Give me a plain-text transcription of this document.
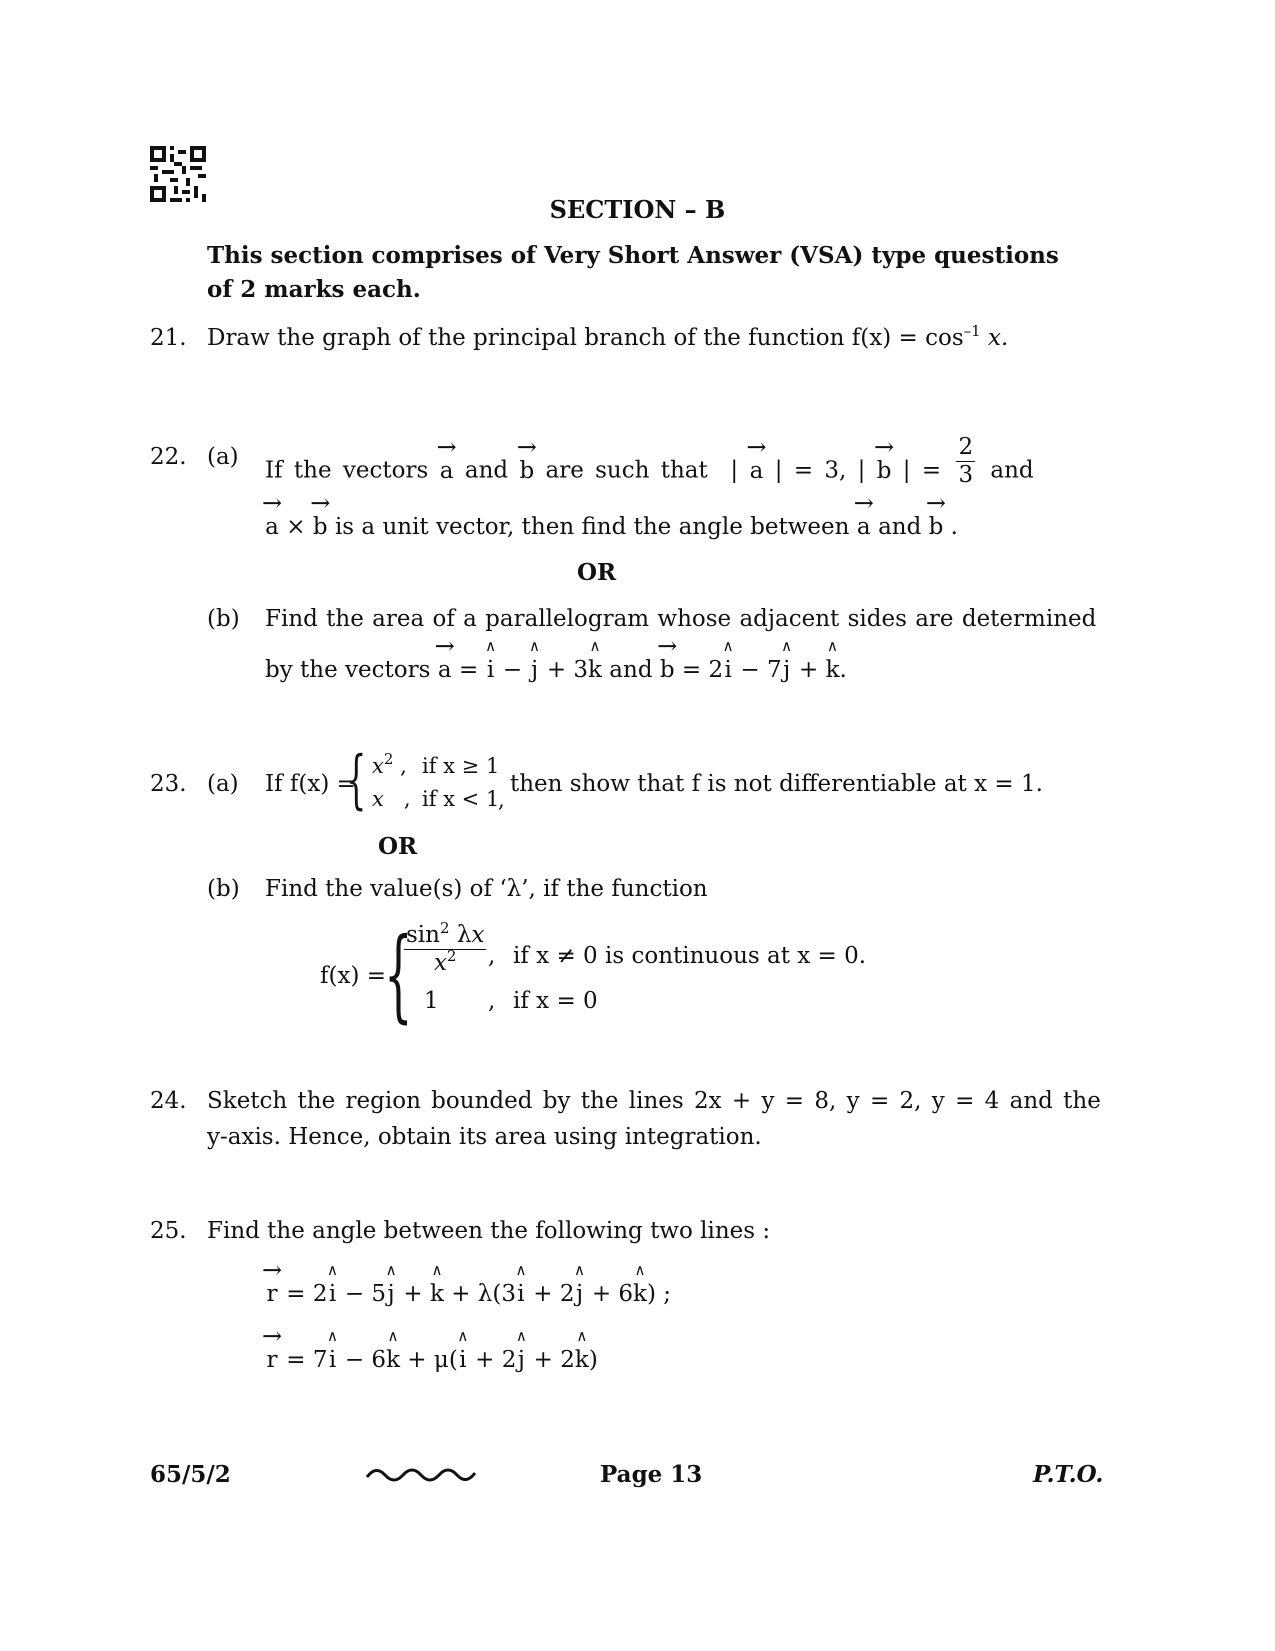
SECTION – B
This section comprises of Very Short Answer (VSA) type questions
of 2 marks each.
21. Draw the graph of the principal branch of the function $f(x) = \cos^{-1} x$.
22. (a)
If the vectors → a and → b are such that  | → a | = 3, | → b | = $\frac{2}{3}$ and
→ a × → b is a unit vector, then find the angle between → a and → b .
OR
(b) Find the area of a parallelogram whose adjacent sides are determined
by the vectors → a = ∧ i − ∧ j + 3∧ k and → b = 2∧ i − 7∧ j + ∧ k.
23. (a) If f(x) =
{ $x^2$ , if x ≥ 1
x   , if x < 1
,
then show that f is not differentiable at x = 1.
OR
(b) Find the value(s) of ‘λ’, if the function
f(x) =
{
$\frac{\sin^2 \lambda x}{x^2}$ , if x ≠ 0 is continuous at x = 0.
1 , if x = 0
24. Sketch the region bounded by the lines 2x + y = 8, y = 2, y = 4 and the
y-axis. Hence, obtain its area using integration.
25. Find the angle between the following two lines :
→ r = 2∧ i − 5∧ j + ∧ k + λ(3∧ i + 2∧ j + 6∧ k) ;
→ r = 7∧ i − 6∧ k + μ(∧ i + 2∧ j + 2∧ k)
65/5/2	Page 13	P.T.O.
